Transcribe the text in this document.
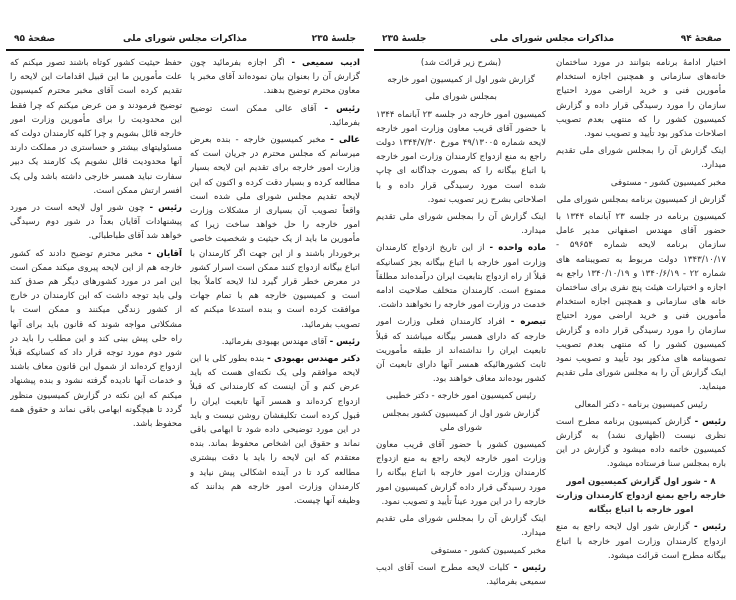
جلسهٔ ۲۳۵
مذاکرات مجلس شورای ملی
صفحهٔ ۹۵

ادیب سمیعی - اگر اجازه بفرمائید چون گزارش آن را بعنوان بیان نموده‌اند آقای مخبر یا معاون محترم توضیح بدهند.

رئیس - آقای عالی ممکن است توضیح بفرمائید.

عالی - مخبر کمیسیون خارجه - بنده بعرض میرسانم که مجلس محترم در جریان است که وزارت امور خارجه برای تقدیم این لایحه بسیار مطالعه کرده و بسیار دقت کرده و اکنون که این لایحه تقدیم مجلس شورای ملی شده است واقعاً تصویب آن بسیاری از مشکلات وزارت امور خارجه را حل خواهد ساخت زیرا که مأمورین ما باید از یک حیثیت و شخصیت خاصی برخوردار باشند و از این جهت اگر کارمندان با اتباع بیگانه ازدواج کنند ممکن است اسرار کشور در معرض خطر قرار گیرد لذا لایحه کاملاً بجا است و کمیسیون خارجه هم با تمام جهات موافقت کرده است و بنده استدعا میکنم که تصویب بفرمائید.

رئیس - آقای مهندس بهبودی بفرمائید.

دکتر مهندس بهبودی - بنده بطور کلی با این لایحه موافقم ولی یک نکته‌ای هست که باید عرض کنم و آن اینست که کارمندانی که قبلاً ازدواج کرده‌اند و همسر آنها تابعیت ایران را قبول کرده است تکلیفشان روشن نیست و باید در این مورد توضیحی داده شود تا ابهامی باقی نماند و حقوق این اشخاص محفوظ بماند. بنده معتقدم که این لایحه را باید با دقت بیشتری مطالعه کرد تا در آینده اشکالی پیش نیاید و کارمندان وزارت امور خارجه هم بدانند که وظیفه آنها چیست.

حفظ حیثیت کشور کوتاه باشند تصور میکنم که علت مأمورین ما این قبیل اقدامات این لایحه را تقدیم کرده است آقای مخبر محترم کمیسیون توضیح فرمودند و من عرض میکنم که چرا فقط این محدودیت را برای مأمورین وزارت امور خارجه قائل بشویم و چرا کلیه کارمندان دولت که مسئولیتهای بیشتر و حساستری در مملکت دارند آنها محدودیت قائل نشویم یک کارمند یک دبیر سفارت نباید همسر خارجی داشته باشد ولی یک افسر ارتش ممکن است.

رئیس - چون شور اول لایحه است در مورد پیشنهادات آقایان بعداً در شور دوم رسیدگی خواهد شد آقای طباطبائی.

آقایان - مخبر محترم توضیح دادند که کشور خارجه هم از این لایحه پیروی میکند ممکن است این امر در مورد کشورهای دیگر هم صدق کند ولی باید توجه داشت که این کارمندان در خارج از کشور زندگی میکنند و ممکن است با مشکلاتی مواجه شوند که قانون باید برای آنها راه حلی پیش بینی کند و این مطلب را باید در شور دوم مورد توجه قرار داد که کسانیکه قبلاً ازدواج کرده‌اند از شمول این قانون معاف باشند و خدمات آنها نادیده گرفته نشود و بنده پیشنهاد میکنم که این نکته در گزارش کمیسیون منظور گردد تا هیچگونه ابهامی باقی نماند و حقوق همه محفوظ باشد.

صفحهٔ ۹۴
مذاکرات مجلس شورای ملی
جلسهٔ ۲۳۵

اختیار ادامهٔ برنامه بتوانند در مورد ساختمان خانه‌های سازمانی و همچنین اجازه استخدام مأمورین فنی و خرید اراضی مورد احتیاج سازمان را مورد رسیدگی قرار داده و گزارش کمیسیون کشور را که منتهی بعدم تصویب اصلاحات مذکور بود تأیید و تصویب نمود.

اینک گزارش آن را بمجلس شورای ملی تقدیم میدارد.

مخبر کمیسیون کشور - مستوفی

گزارش از کمیسیون برنامه بمجلس شورای ملی

کمیسیون برنامه در جلسه ۲۳ آبانماه ۱۳۴۴ با حضور آقای مهندس اصفهانی مدیر عامل سازمان برنامه لایحه شماره ۵۹۶۵۴ - ۱۳۴۳/۱۰/۱۷ دولت مربوط به تصویبنامه های شماره ۲۲ - ۱۳۴۰/۶/۱۹ و ۱۳۴۰/۱۰/۱۹ راجع به اجازه و اختیارات هیئت پنج نفری برای ساختمان خانه های سازمانی و همچنین اجازه استخدام مأمورین فنی و خرید اراضی مورد احتیاج سازمان را مورد رسیدگی قرار داده و گزارش کمیسیون کشور را که منتهی بعدم تصویب تصویبنامه های مذکور بود تأیید و تصویب نمود اینک گزارش آن را به مجلس شورای ملی تقدیم مینماید.

رئیس کمیسیون برنامه - دکتر المعالی

رئیس - گزارش کمیسیون برنامه مطرح است نظری نیست (اظهاری نشد) به گزارش کمیسیون خاتمه داده میشود و گزارش در این باره بمجلس سنا فرستاده میشود.

۸ - شور اول گزارش کمیسیون امور خارجه راجع بمنع ازدواج کارمندان وزارت امور خارجه با اتباع بیگانه

رئیس - گزارش شور اول لایحه راجع به منع ازدواج کارمندان وزارت امور خارجه با اتباع بیگانه مطرح است قرائت میشود.

(بشرح زیر قرائت شد)

گزارش شور اول از کمیسیون امور خارجه

بمجلس شورای ملی

کمیسیون امور خارجه در جلسه ۲۳ آبانماه ۱۳۴۴ با حضور آقای قریب معاون وزارت امور خارجه لایحه شماره ۴۹/۱۳۰۰۵ مورخ ۱۳۴۴/۷/۳۰ دولت راجع به منع ازدواج کارمندان وزارت امور خارجه با اتباع بیگانه را که بصورت جداگانه ای چاپ شده است مورد رسیدگی قرار داده و با اصلاحاتی بشرح زیر تصویب نمود.

اینک گزارش آن را بمجلس شورای ملی تقدیم میدارد.

ماده واحده - از این تاریخ ازدواج کارمندان وزارت امور خارجه با اتباع بیگانه بجز کسانیکه قبلاً از راه ازدواج بتابعیت ایران درآمده‌اند مطلقاً ممنوع است. کارمندان متخلف صلاحیت ادامه خدمت در وزارت امور خارجه را نخواهند داشت.

تبصره - افراد کارمندان فعلی وزارت امور خارجه که دارای همسر بیگانه میباشند که قبلاً تابعیت ایران را نداشته‌اند از طبقه مأموریت ثابت کشورهائیکه همسر آنها دارای تابعیت آن کشور بوده‌اند معاف خواهند بود.

رئیس کمیسیون امور خارجه - دکتر خطیبی

گزارش شور اول از کمیسیون کشور بمجلس شورای ملی

کمیسیون کشور با حضور آقای قریب معاون وزارت امور خارجه لایحه راجع به منع ازدواج کارمندان وزارت امور خارجه با اتباع بیگانه را مورد رسیدگی قرار داده گزارش کمیسیون امور خارجه را در این مورد عیناً تأیید و تصویب نمود.

اینک گزارش آن را بمجلس شورای ملی تقدیم میدارد.

مخبر کمیسیون کشور - مستوفی

رئیس - کلیات لایحه مطرح است آقای ادیب سمیعی بفرمائید.
